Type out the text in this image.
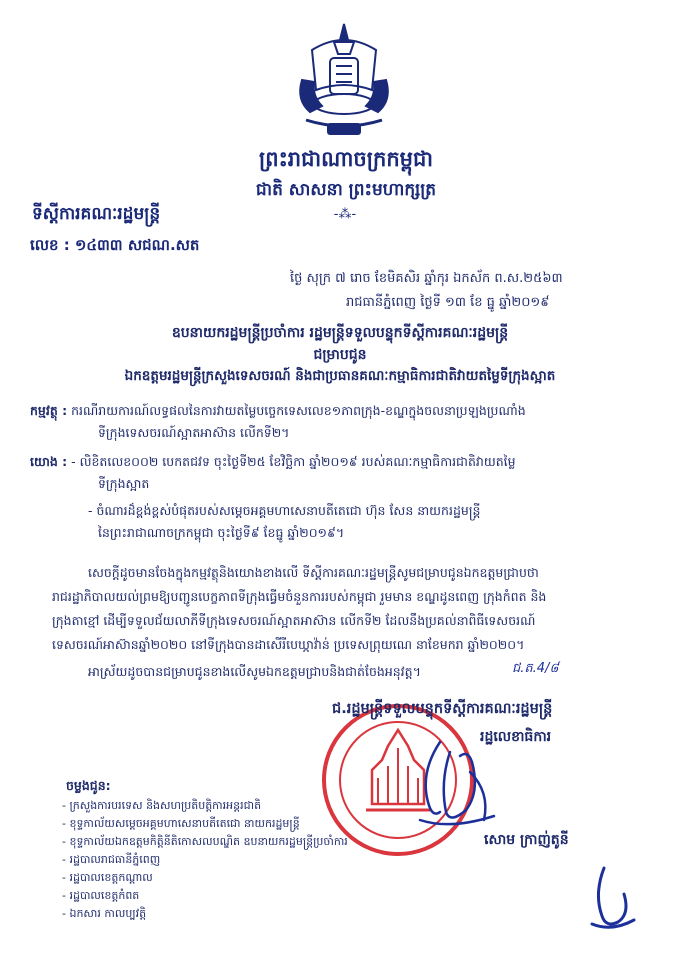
ព្រះរាជាណាចក្រកម្ពុជា
ជាតិ សាសនា ព្រះមហាក្សត្រ
-⁂-
ទីស្ដីការគណៈរដ្ឋមន្ត្រី
លេខ : ១៤៣៣ សជណ.សត
ថ្ងៃ សុក្រ ៧ រោច ខែមិគសិរ ឆ្នាំកុរ ឯកស័ក ព.ស.២៥៦៣
រាជធានីភ្នំពេញ ថ្ងៃទី ១៣ ខែ ធ្នូ ឆ្នាំ២០១៩
ឧបនាយករដ្ឋមន្ត្រីប្រចាំការ រដ្ឋមន្ត្រីទទួលបន្ទុកទីស្ដីការគណៈរដ្ឋមន្ត្រី
ជម្រាបជូន
ឯកឧត្ដមរដ្ឋមន្ត្រីក្រសួងទេសចរណ៍ និងជាប្រធានគណៈកម្មាធិការជាតិវាយតម្លៃទីក្រុងស្អាត
កម្មវត្ថុ : ករណីរាយការណ៍លទ្ធផលនៃការវាយតម្លៃបច្ចេកទេសលេខ១ភាពក្រុង-ខណ្ឌក្នុងចលនាប្រឡងប្រណាំង
ទីក្រុងទេសចរណ៍ស្អាតអាស៊ាន លើកទី២។
យោង : - លិខិតលេខ០០២ បេកតជវទ ចុះថ្ងៃទី២៥ ខែវិច្ឆិកា ឆ្នាំ២០១៩ របស់គណៈកម្មាធិការជាតិវាយតម្លៃ
ទីក្រុងស្អាត
- ចំណារដ៏ខ្ពង់ខ្ពស់បំផុតរបស់សម្ដេចអគ្គមហាសេនាបតីតេជោ ហ៊ុន សែន នាយករដ្ឋមន្ត្រី
នៃព្រះរាជាណាចក្រកម្ពុជា ចុះថ្ងៃទី៩ ខែធ្នូ ឆ្នាំ២០១៩។
សេចក្ដីដូចមានចែងក្នុងកម្មវត្ថុនិងយោងខាងលើ ទីស្ដីការគណៈរដ្ឋមន្ត្រីសូមជម្រាបជូនឯកឧត្ដមជ្រាបថា
រាជរដ្ឋាភិបាលយល់ព្រមឱ្យបញ្ជូនបេក្ខភាពទីក្រុងធ្វើមចំនួនការរបស់កម្ពុជា រួមមាន ខណ្ឌដូនពេញ ក្រុងកំពត និង
ក្រុងតាខ្មៅ ដើម្បីទទួលជ័យលាភីទីក្រុងទេសចរណ៍ស្អាតអាស៊ាន លើកទី២ ដែលនឹងប្រគល់នាពិធីទេសចរណ៍
ទេសចរណ៍អាស៊ានឆ្នាំ២០២០ នៅទីក្រុងបានដាសើរីបេឃ្កាវ៉ាន់ ប្រទេសព្រុយណេ នាខែមករា ឆ្នាំ២០២០។
អាស្រ័យដូចបានជម្រាបជូនខាងលើសូមឯកឧត្ដមជ្រាបនិងជាត់ចែងអនុវត្ត។	ជ.ត.4/៨
ជ.រដ្ឋមន្ត្រីទទួលបន្ទុកទីស្ដីការគណៈរដ្ឋមន្ត្រី
រដ្ឋលេខាធិការ
សោម ក្រាញ់តូនី
ចម្លងជូន:
- ក្រសួងការបរទេស និងសហប្រតិបត្តិការអន្តរជាតិ
- ខុទ្ទកាល័យសម្ដេចអគ្គមហាសេនាបតីតេជោ នាយករដ្ឋមន្ត្រី
- ខុទ្ទកាល័យឯកឧត្ដមកិត្តិនីតិកោសលបណ្ឌិត ឧបនាយករដ្ឋមន្ត្រីប្រចាំការ
- រដ្ឋបាលរាជធានីភ្នំពេញ
- រដ្ឋបាលខេត្តកណ្ដាល
- រដ្ឋបាលខេត្តកំពត
- ឯកសារ កាលប្បវត្តិ
